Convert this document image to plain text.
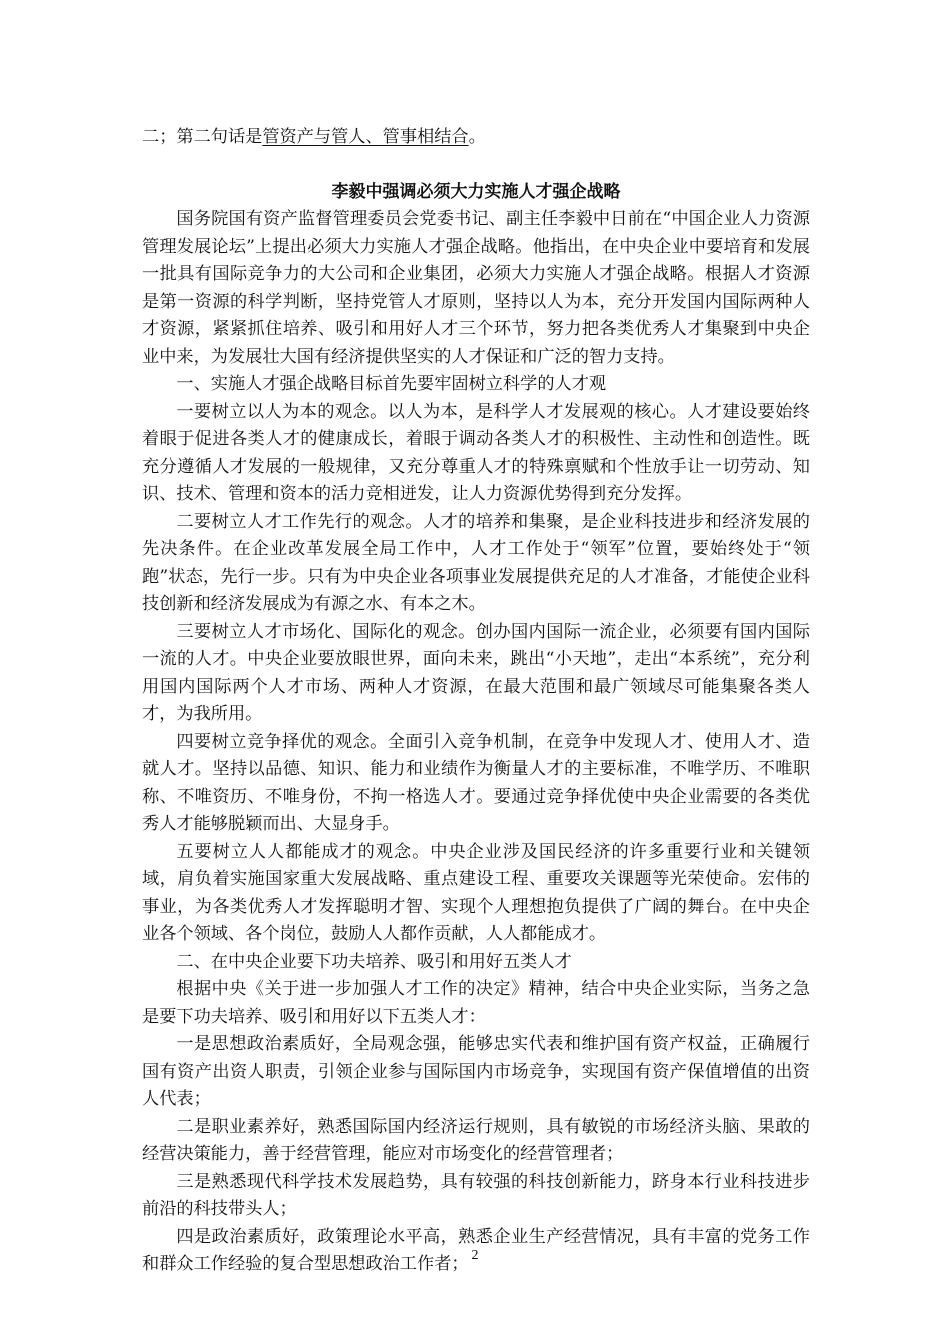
二；第二句话是管资产与管人、管事相结合。

李毅中强调必须大力实施人才强企战略

国务院国有资产监督管理委员会党委书记、副主任李毅中日前在“中国企业人力资源管理发展论坛”上提出必须大力实施人才强企战略。他指出，在中央企业中要培育和发展一批具有国际竞争力的大公司和企业集团，必须大力实施人才强企战略。根据人才资源是第一资源的科学判断，坚持党管人才原则，坚持以人为本，充分开发国内国际两种人才资源，紧紧抓住培养、吸引和用好人才三个环节，努力把各类优秀人才集聚到中央企业中来，为发展壮大国有经济提供坚实的人才保证和广泛的智力支持。

一、实施人才强企战略目标首先要牢固树立科学的人才观

一要树立以人为本的观念。以人为本，是科学人才发展观的核心。人才建设要始终着眼于促进各类人才的健康成长，着眼于调动各类人才的积极性、主动性和创造性。既充分遵循人才发展的一般规律，又充分尊重人才的特殊禀赋和个性放手让一切劳动、知识、技术、管理和资本的活力竞相迸发，让人力资源优势得到充分发挥。

二要树立人才工作先行的观念。人才的培养和集聚，是企业科技进步和经济发展的先决条件。在企业改革发展全局工作中，人才工作处于“领军”位置，要始终处于“领跑”状态，先行一步。只有为中央企业各项事业发展提供充足的人才准备，才能使企业科技创新和经济发展成为有源之水、有本之木。

三要树立人才市场化、国际化的观念。创办国内国际一流企业，必须要有国内国际一流的人才。中央企业要放眼世界，面向未来，跳出“小天地”，走出“本系统”，充分利用国内国际两个人才市场、两种人才资源，在最大范围和最广领域尽可能集聚各类人才，为我所用。

四要树立竞争择优的观念。全面引入竞争机制，在竞争中发现人才、使用人才、造就人才。坚持以品德、知识、能力和业绩作为衡量人才的主要标准，不唯学历、不唯职称、不唯资历、不唯身份，不拘一格选人才。要通过竞争择优使中央企业需要的各类优秀人才能够脱颖而出、大显身手。

五要树立人人都能成才的观念。中央企业涉及国民经济的许多重要行业和关键领域，肩负着实施国家重大发展战略、重点建设工程、重要攻关课题等光荣使命。宏伟的事业，为各类优秀人才发挥聪明才智、实现个人理想抱负提供了广阔的舞台。在中央企业各个领域、各个岗位，鼓励人人都作贡献，人人都能成才。

二、在中央企业要下功夫培养、吸引和用好五类人才

根据中央《关于进一步加强人才工作的决定》精神，结合中央企业实际，当务之急是要下功夫培养、吸引和用好以下五类人才：

一是思想政治素质好，全局观念强，能够忠实代表和维护国有资产权益，正确履行国有资产出资人职责，引领企业参与国际国内市场竞争，实现国有资产保值增值的出资人代表；

二是职业素养好，熟悉国际国内经济运行规则，具有敏锐的市场经济头脑、果敢的经营决策能力，善于经营管理，能应对市场变化的经营管理者；

三是熟悉现代科学技术发展趋势，具有较强的科技创新能力，跻身本行业科技进步前沿的科技带头人；

四是政治素质好，政策理论水平高，熟悉企业生产经营情况，具有丰富的党务工作和群众工作经验的复合型思想政治工作者； 2
